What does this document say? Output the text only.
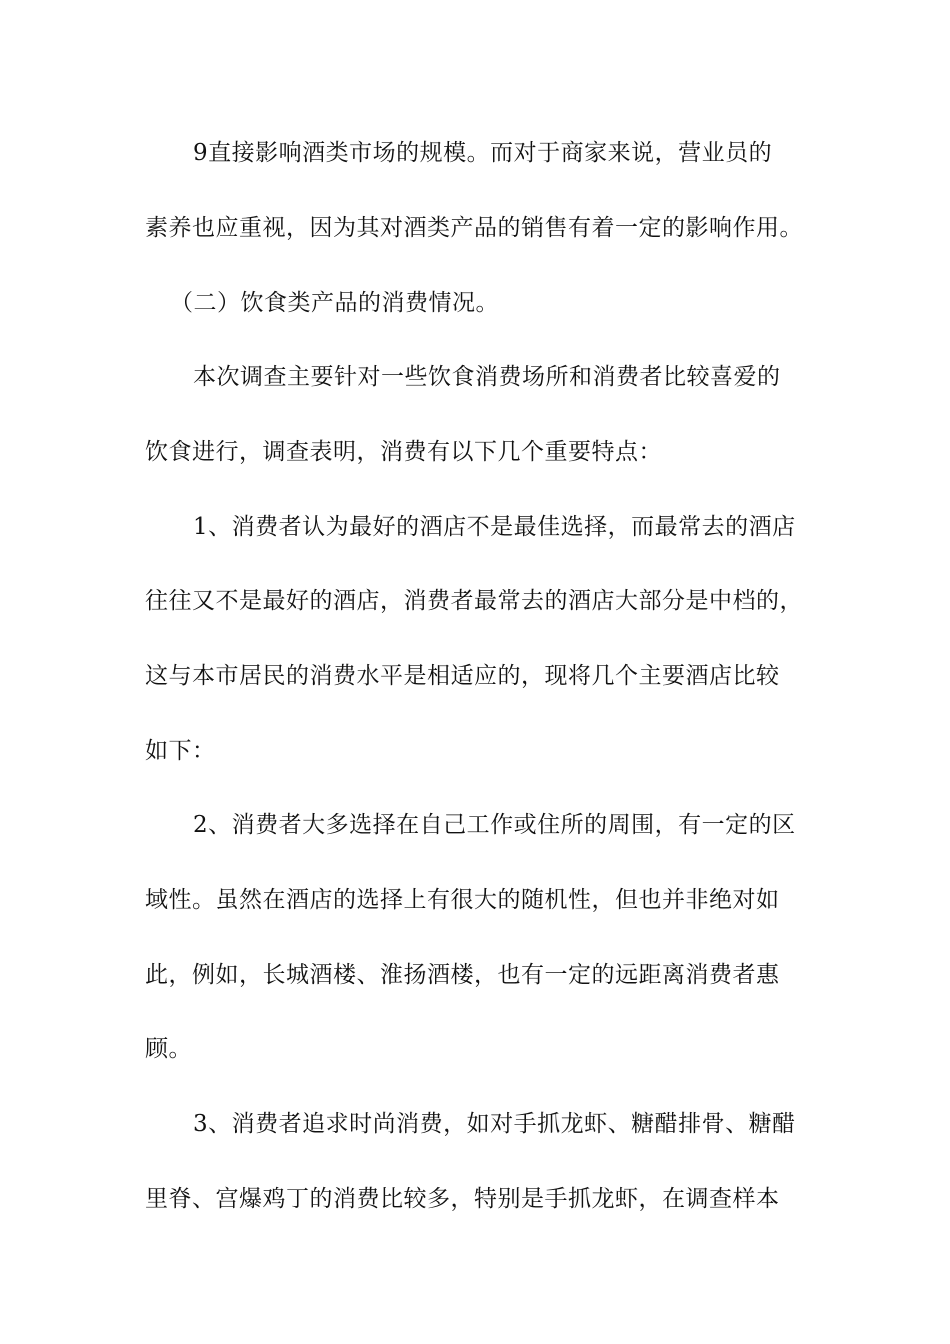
9直接影响酒类市场的规模。而对于商家来说，营业员的
素养也应重视，因为其对酒类产品的销售有着一定的影响作用。
（二）饮食类产品的消费情况。
本次调查主要针对一些饮食消费场所和消费者比较喜爱的
饮食进行，调查表明，消费有以下几个重要特点：
1、消费者认为最好的酒店不是最佳选择，而最常去的酒店
往往又不是最好的酒店，消费者最常去的酒店大部分是中档的，
这与本市居民的消费水平是相适应的，现将几个主要酒店比较
如下：
2、消费者大多选择在自己工作或住所的周围，有一定的区
域性。虽然在酒店的选择上有很大的随机性，但也并非绝对如
此，例如，长城酒楼、淮扬酒楼，也有一定的远距离消费者惠
顾。
3、消费者追求时尚消费，如对手抓龙虾、糖醋排骨、糖醋
里脊、宫爆鸡丁的消费比较多，特别是手抓龙虾，在调查样本
